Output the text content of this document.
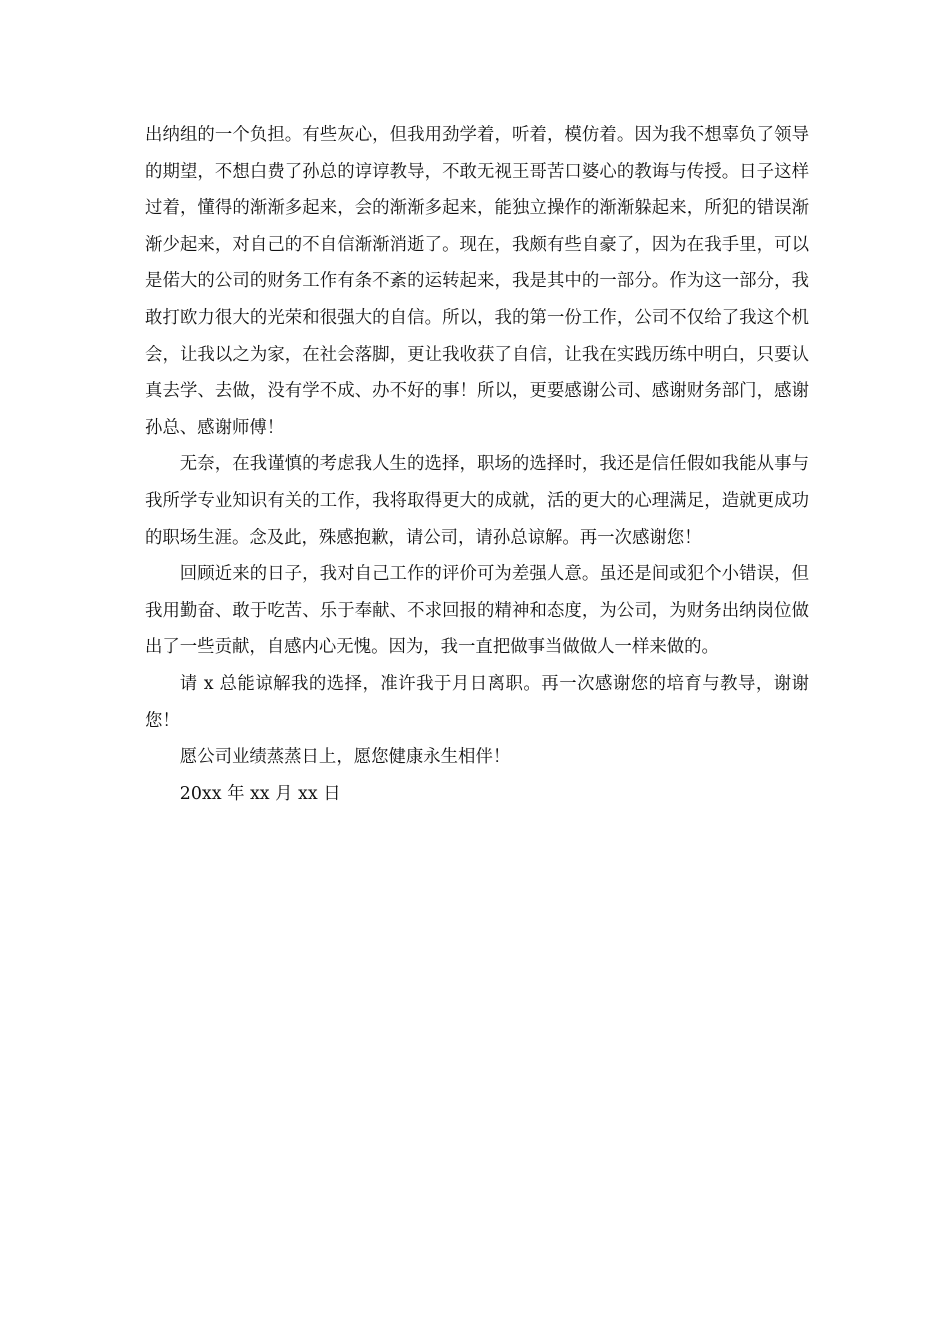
出纳组的一个负担。有些灰心，但我用劲学着，听着，模仿着。因为我不想辜负了领导的期望，不想白费了孙总的谆谆教导，不敢无视王哥苦口婆心的教诲与传授。日子这样过着，懂得的渐渐多起来，会的渐渐多起来，能独立操作的渐渐躲起来，所犯的错误渐渐少起来，对自己的不自信渐渐消逝了。现在，我颇有些自豪了，因为在我手里，可以是偌大的公司的财务工作有条不紊的运转起来，我是其中的一部分。作为这一部分，我敢打欧力很大的光荣和很强大的自信。所以，我的第一份工作，公司不仅给了我这个机会，让我以之为家，在社会落脚，更让我收获了自信，让我在实践历练中明白，只要认真去学、去做，没有学不成、办不好的事！所以，更要感谢公司、感谢财务部门，感谢孙总、感谢师傅！

无奈，在我谨慎的考虑我人生的选择，职场的选择时，我还是信任假如我能从事与我所学专业知识有关的工作，我将取得更大的成就，活的更大的心理满足，造就更成功的职场生涯。念及此，殊感抱歉，请公司，请孙总谅解。再一次感谢您！

回顾近来的日子，我对自己工作的评价可为差强人意。虽还是间或犯个小错误，但我用勤奋、敢于吃苦、乐于奉献、不求回报的精神和态度，为公司，为财务出纳岗位做出了一些贡献，自感内心无愧。因为，我一直把做事当做做人一样来做的。

请 x 总能谅解我的选择，准许我于月日离职。再一次感谢您的培育与教导，谢谢您！

愿公司业绩蒸蒸日上，愿您健康永生相伴！

20xx 年 xx 月 xx 日
